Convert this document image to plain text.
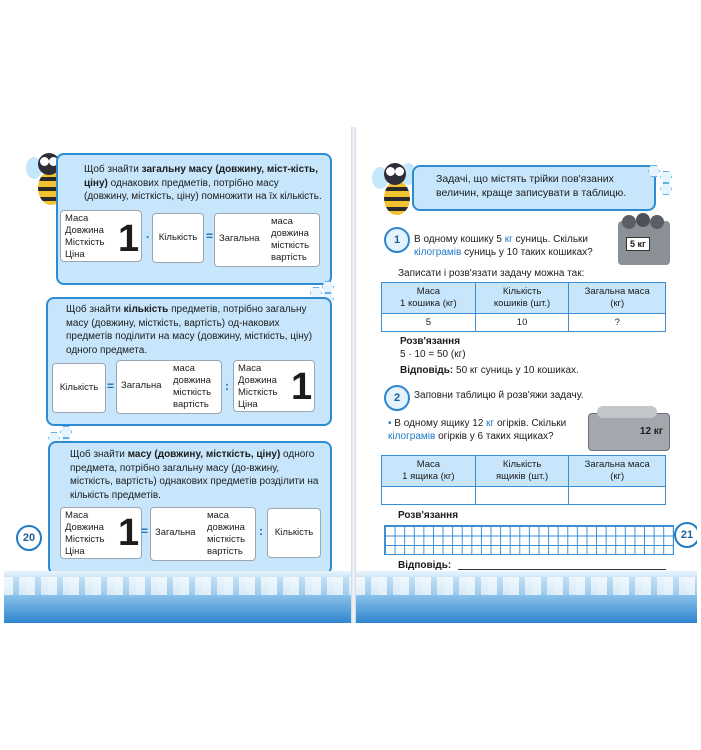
Щоб знайти загальну масу (довжину, міст-кість, ціну) однакових предметів, потрібно масу (довжину, місткість, ціну) помножити на їх кількість.
Маса
Довжина
Місткість
Ціна 1 · Кількість = Загальна
маса
довжина
місткість
вартість
Щоб знайти кількість предметів, потрібно загальну масу (довжину, місткість, вартість) од-накових предметів поділити на масу (довжину, місткість, ціну) одного предмета.
Кількість = Загальна
маса
довжина
місткість
вартість
:
Маса
Довжина
Місткість
Ціна 1
Щоб знайти масу (довжину, місткість, ціну) одного предмета, потрібно загальну масу (до-вжину, місткість, вартість) однакових предметів розділити на кількість предметів.
Маса
Довжина
Місткість
Ціна 1 = Загальна
маса
довжина
місткість
вартість
: Кількість
20
Задачі, що містять трійки пов'язаних величин, краще записувати в таблицю.
1	В одному кошику 5 кг суниць. Скільки кілограмів суниць у 10 таких кошиках?
5 кг
Записати і розв'язати задачу можна так:
Маса
1 кошика (кг)	Кількість
кошиків (шт.)	Загальна маса
(кг)
5	10	?
Розв'язання
5 · 10 = 50 (кг)
Відповідь: 50 кг суниць у 10 кошиках.
2	Заповни таблицю й розв'яжи задачу.
• В одному ящику 12 кг огірків. Скільки кілограмів огірків у 6 таких ящиках?	12 кг
Маса
1 ящика (кг)	Кількість
ящиків (шт.)	Загальна маса
(кг)

Розв'язання
Відповідь:
21
